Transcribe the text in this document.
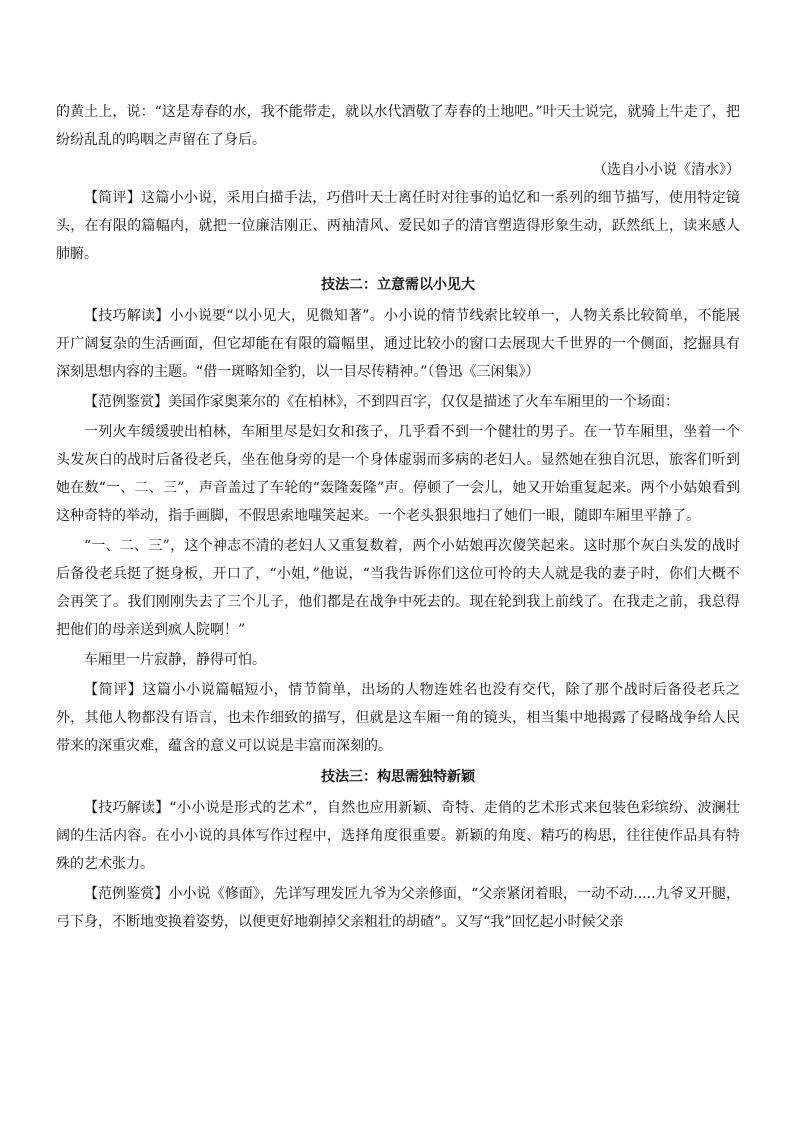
的黄土上，说：“这是寿春的水，我不能带走，就以水代酒敬了寿春的土地吧。”叶天士说完，就骑上牛走了，把纷纷乱乱的呜咽之声留在了身后。

（选自小小说《清水》）

【简评】这篇小小说，采用白描手法，巧借叶天士离任时对往事的追忆和一系列的细节描写，使用特定镜头，在有限的篇幅内，就把一位廉洁刚正、两袖清风、爱民如子的清官塑造得形象生动，跃然纸上，读来感人肺腑。

技法二：立意需以小见大

【技巧解读】小小说要“以小见大，见微知著”。小小说的情节线索比较单一，人物关系比较简单，不能展开广阔复杂的生活画面，但它却能在有限的篇幅里，通过比较小的窗口去展现大千世界的一个侧面，挖掘具有深刻思想内容的主题。“借一斑略知全豹，以一目尽传精神。”（鲁迅《三闲集》）

【范例鉴赏】美国作家奥莱尔的《在柏林》，不到四百字，仅仅是描述了火车车厢里的一个场面：

一列火车缓缓驶出柏林，车厢里尽是妇女和孩子，几乎看不到一个健壮的男子。在一节车厢里，坐着一个头发灰白的战时后备役老兵，坐在他身旁的是一个身体虚弱而多病的老妇人。显然她在独自沉思，旅客们听到她在数“一、二、三”，声音盖过了车轮的“轰隆轰隆”声。停顿了一会儿，她又开始重复起来。两个小姑娘看到这种奇特的举动，指手画脚，不假思索地嗤笑起来。一个老头狠狠地扫了她们一眼，随即车厢里平静了。

“一、二、三”，这个神志不清的老妇人又重复数着，两个小姑娘再次傻笑起来。这时那个灰白头发的战时后备役老兵挺了挺身板，开口了，“小姐，”他说，“当我告诉你们这位可怜的夫人就是我的妻子时，你们大概不会再笑了。我们刚刚失去了三个儿子，他们都是在战争中死去的。现在轮到我上前线了。在我走之前，我总得把他们的母亲送到疯人院啊！”

车厢里一片寂静，静得可怕。

【简评】这篇小小说篇幅短小，情节简单，出场的人物连姓名也没有交代，除了那个战时后备役老兵之外，其他人物都没有语言，也未作细致的描写，但就是这车厢一角的镜头，相当集中地揭露了侵略战争给人民带来的深重灾难，蕴含的意义可以说是丰富而深刻的。

技法三：构思需独特新颖

【技巧解读】“小小说是形式的艺术”，自然也应用新颖、奇特、走俏的艺术形式来包装色彩缤纷、波澜壮阔的生活内容。在小小说的具体写作过程中，选择角度很重要。新颖的角度、精巧的构思，往往使作品具有特殊的艺术张力。

【范例鉴赏】小小说《修面》，先详写理发匠九爷为父亲修面，“父亲紧闭着眼，一动不动.....九爷叉开腿，弓下身，不断地变换着姿势，以便更好地剃掉父亲粗壮的胡碴”。又写“我”回忆起小时候父亲
